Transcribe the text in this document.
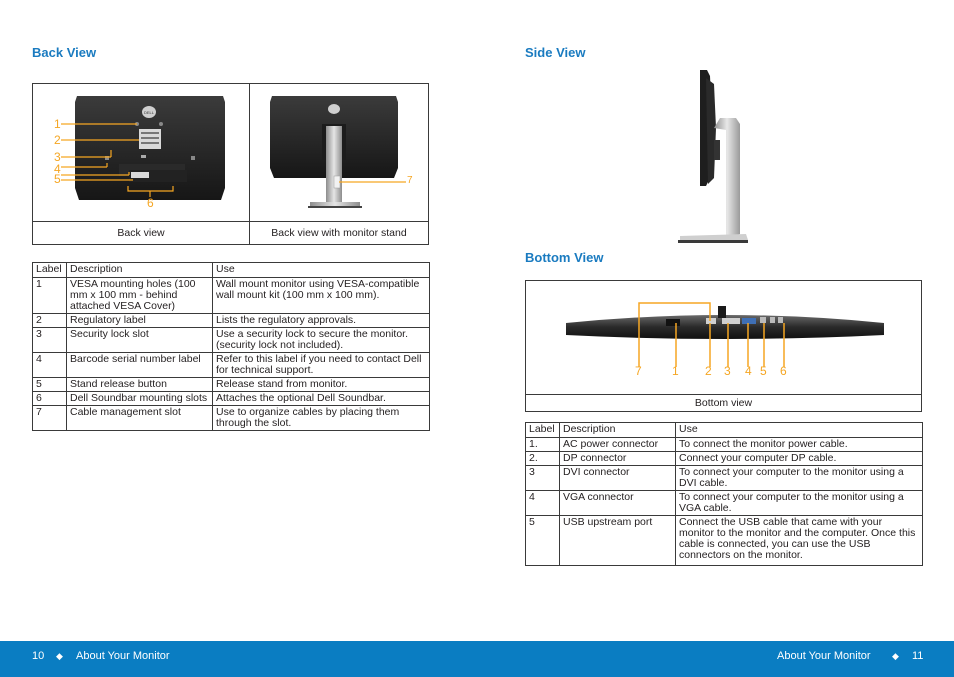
Back View
DELL
1
2
3
4
5
6
7
Back view	Back view with monitor stand
Label	Description	Use
1	VESA mounting holes (100 mm x 100 mm - behind attached VESA Cover)	Wall mount monitor using VESA-compatible wall mount kit (100 mm x 100 mm).
2	Regulatory label	Lists the regulatory approvals.
3	Security lock slot	Use a security lock to secure the monitor. (security lock not included).
4	Barcode serial number label	Refer to this label if you need to contact Dell for technical support.
5	Stand release button	Release stand from monitor.
6	Dell Soundbar mounting slots	Attaches the optional Dell Soundbar.
7	Cable management slot	Use to organize cables by placing them through the slot.
Side View
Bottom View
7	1 2 3 4 5 6
Bottom view
Label	Description	Use
1.	AC power connector	To connect the monitor power cable.
2.	DP connector	Connect your computer DP cable.
3	DVI connector	To connect your computer to the monitor using a DVI cable.
4	VGA connector	To connect your computer to the monitor using a VGA cable.
5	USB upstream port	Connect the USB cable that came with your monitor to the monitor and the computer. Once this cable is connected, you can use the USB connectors on the monitor.
10 ◆ About Your Monitor	About Your Monitor ◆ 11
